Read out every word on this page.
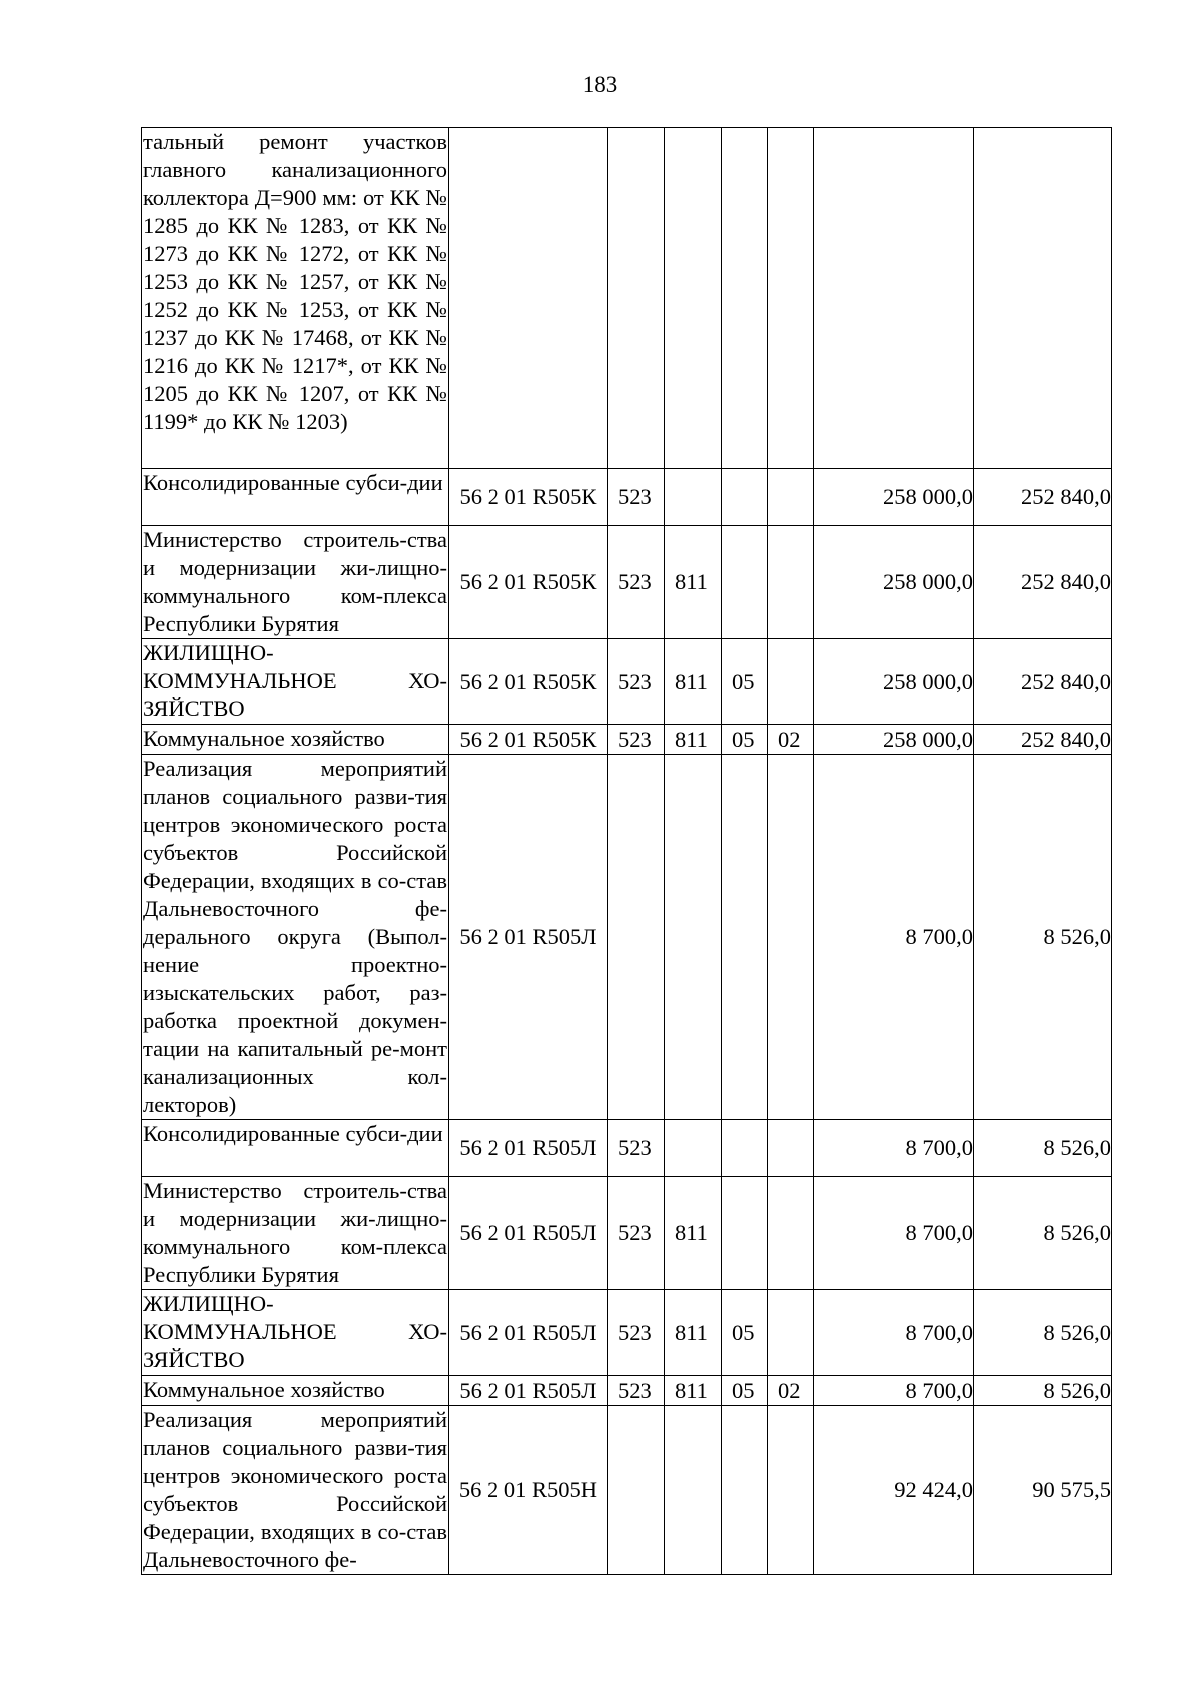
183
тальный ремонт участков главного канализационного коллектора Д=900 мм: от КК № 1285 до КК № 1283, от КК № 1273 до КК № 1272, от КК № 1253 до КК № 1257, от КК № 1252 до КК № 1253, от КК № 1237 до КК № 17468, от КК № 1216 до КК № 1217*, от КК № 1205 до КК № 1207, от КК № 1199* до КК № 1203)							
Консолидированные субси-дии	56 2 01 R505К	523				258 000,0	252 840,0
Министерство строитель-ства и модернизации жи-лищно-коммунального ком-плекса Республики Бурятия	56 2 01 R505К	523	811			258 000,0	252 840,0
ЖИЛИЩНО-КОММУНАЛЬНОЕ ХО-ЗЯЙСТВО	56 2 01 R505К	523	811	05		258 000,0	252 840,0
Коммунальное хозяйство	56 2 01 R505К	523	811	05	02	258 000,0	252 840,0
Реализация мероприятий планов социального разви-тия центров экономического роста субъектов Российской Федерации, входящих в со-став Дальневосточного фе-дерального округа (Выпол-нение проектно-изыскательских работ, раз-работка проектной докумен-тации на капитальный ре-монт канализационных кол-лекторов)	56 2 01 R505Л					8 700,0	8 526,0
Консолидированные субси-дии	56 2 01 R505Л	523				8 700,0	8 526,0
Министерство строитель-ства и модернизации жи-лищно-коммунального ком-плекса Республики Бурятия	56 2 01 R505Л	523	811			8 700,0	8 526,0
ЖИЛИЩНО-КОММУНАЛЬНОЕ ХО-ЗЯЙСТВО	56 2 01 R505Л	523	811	05		8 700,0	8 526,0
Коммунальное хозяйство	56 2 01 R505Л	523	811	05	02	8 700,0	8 526,0
Реализация мероприятий планов социального разви-тия центров экономического роста субъектов Российской Федерации, входящих в со-став Дальневосточного фе-	56 2 01 R505Н					92 424,0	90 575,5
